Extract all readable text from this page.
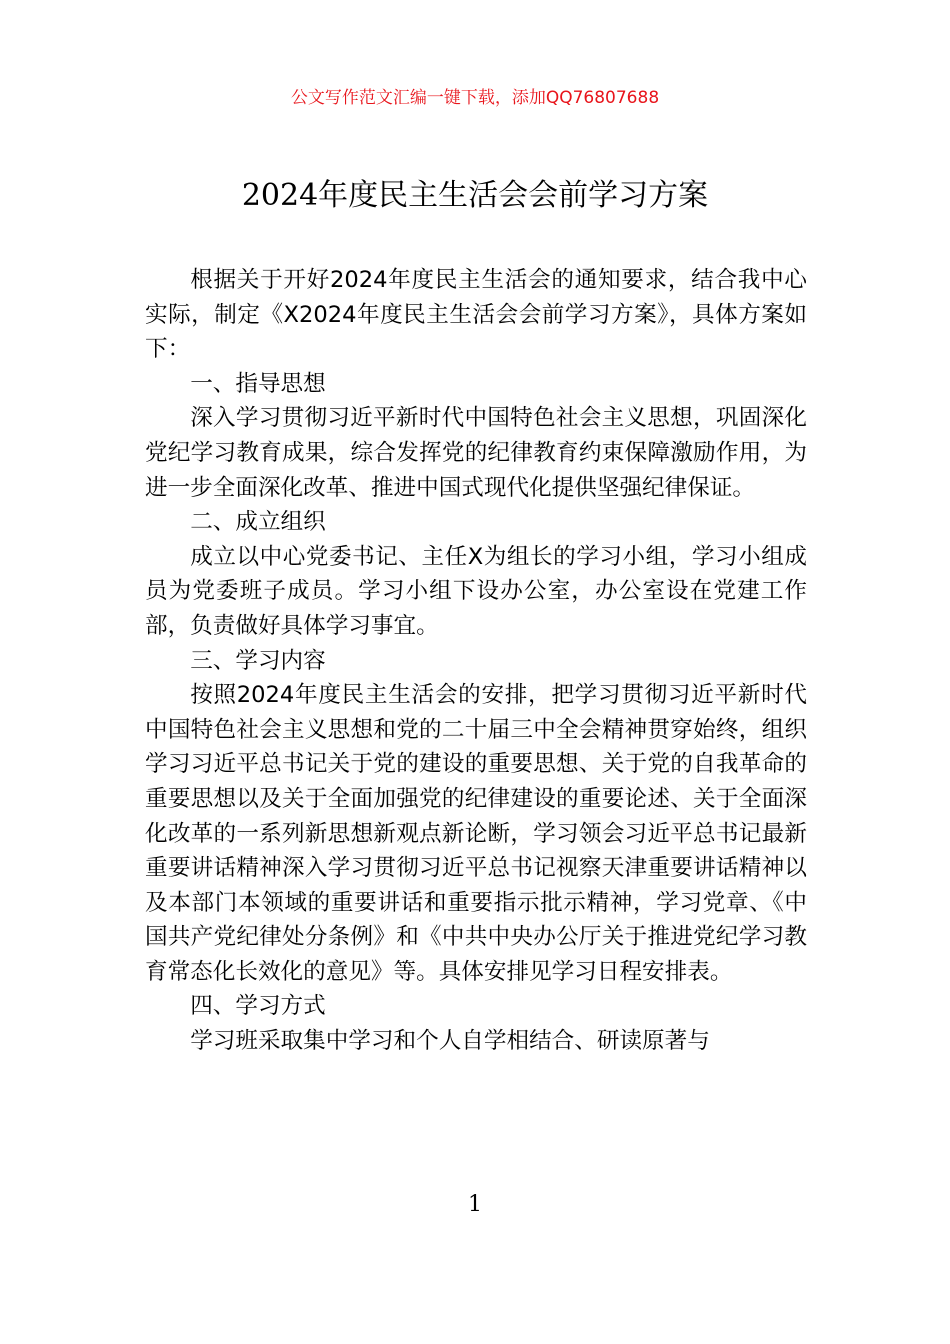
公文写作范文汇编一键下载，添加QQ76807688
2024年度民主生活会会前学习方案

根据关于开好2024年度民主生活会的通知要求，结合我中心实际，制定《X2024年度民主生活会会前学习方案》，具体方案如下：

一、指导思想

深入学习贯彻习近平新时代中国特色社会主义思想，巩固深化党纪学习教育成果，综合发挥党的纪律教育约束保障激励作用，为进一步全面深化改革、推进中国式现代化提供坚强纪律保证。

二、成立组织

成立以中心党委书记、主任X为组长的学习小组，学习小组成员为党委班子成员。学习小组下设办公室，办公室设在党建工作部，负责做好具体学习事宜。

三、学习内容

按照2024年度民主生活会的安排，把学习贯彻习近平新时代中国特色社会主义思想和党的二十届三中全会精神贯穿始终，组织学习习近平总书记关于党的建设的重要思想、关于党的自我革命的重要思想以及关于全面加强党的纪律建设的重要论述、关于全面深化改革的一系列新思想新观点新论断，学习领会习近平总书记最新重要讲话精神深入学习贯彻习近平总书记视察天津重要讲话精神以及本部门本领域的重要讲话和重要指示批示精神，学习党章、《中国共产党纪律处分条例》和《中共中央办公厅关于推进党纪学习教育常态化长效化的意见》等。具体安排见学习日程安排表。

四、学习方式

学习班采取集中学习和个人自学相结合、研读原著与

1
